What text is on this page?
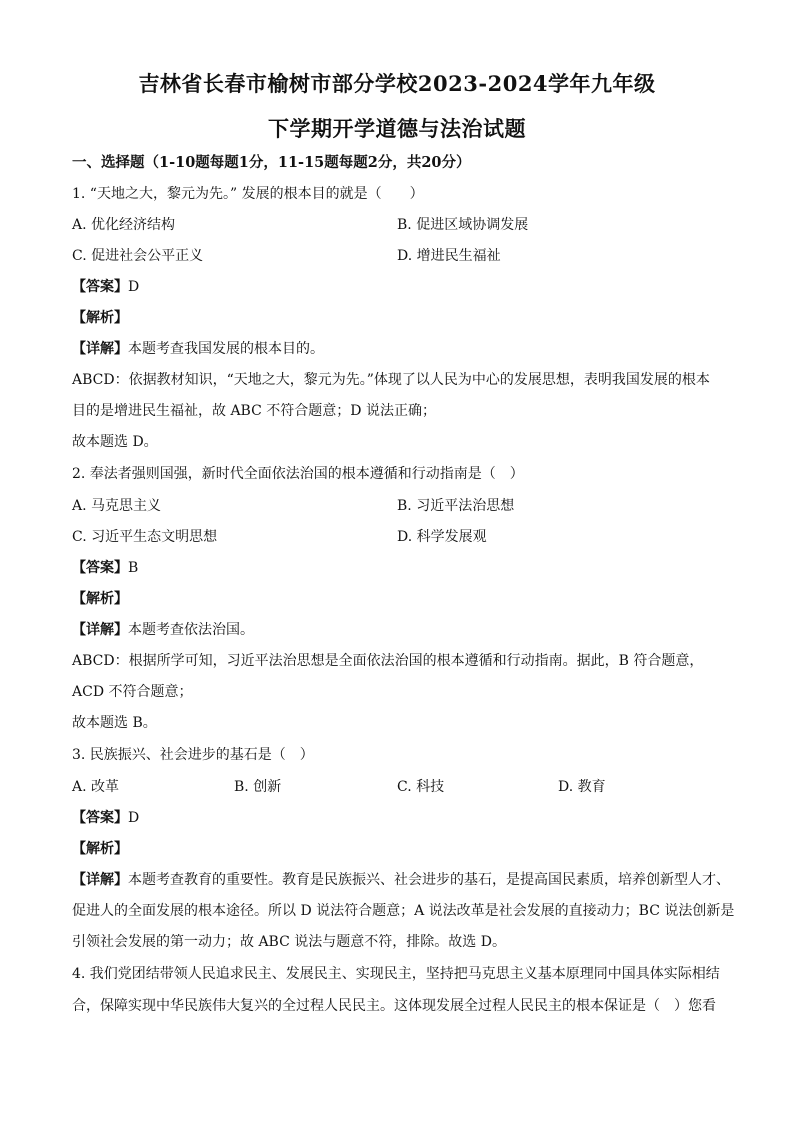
吉林省长春市榆树市部分学校2023-2024学年九年级
下学期开学道德与法治试题
一、选择题（1-10题每题1分，11-15题每题2分，共20分）
1. “天地之大，黎元为先。” 发展的根本目的就是（　　）
A. 优化经济结构	B. 促进区域协调发展
C. 促进社会公平正义	D. 增进民生福祉
【答案】D
【解析】
【详解】本题考查我国发展的根本目的。
ABCD：依据教材知识，“天地之大，黎元为先。”体现了以人民为中心的发展思想，表明我国发展的根本
目的是增进民生福祉，故 ABC 不符合题意；D 说法正确；
故本题选 D。
2. 奉法者强则国强，新时代全面依法治国的根本遵循和行动指南是（　）
A. 马克思主义	B. 习近平法治思想
C. 习近平生态文明思想	D. 科学发展观
【答案】B
【解析】
【详解】本题考查依法治国。
ABCD：根据所学可知，习近平法治思想是全面依法治国的根本遵循和行动指南。据此，B 符合题意，
ACD 不符合题意；
故本题选 B。
3. 民族振兴、社会进步的基石是（　）
A. 改革	B. 创新	C. 科技	D. 教育
【答案】D
【解析】
【详解】本题考查教育的重要性。教育是民族振兴、社会进步的基石，是提高国民素质，培养创新型人才、
促进人的全面发展的根本途径。所以 D 说法符合题意；A 说法改革是社会发展的直接动力；BC 说法创新是
引领社会发展的第一动力；故 ABC 说法与题意不符，排除。故选 D。
4. 我们党团结带领人民追求民主、发展民主、实现民主，坚持把马克思主义基本原理同中国具体实际相结
合，保障实现中华民族伟大复兴的全过程人民民主。这体现发展全过程人民民主的根本保证是（　）您看
